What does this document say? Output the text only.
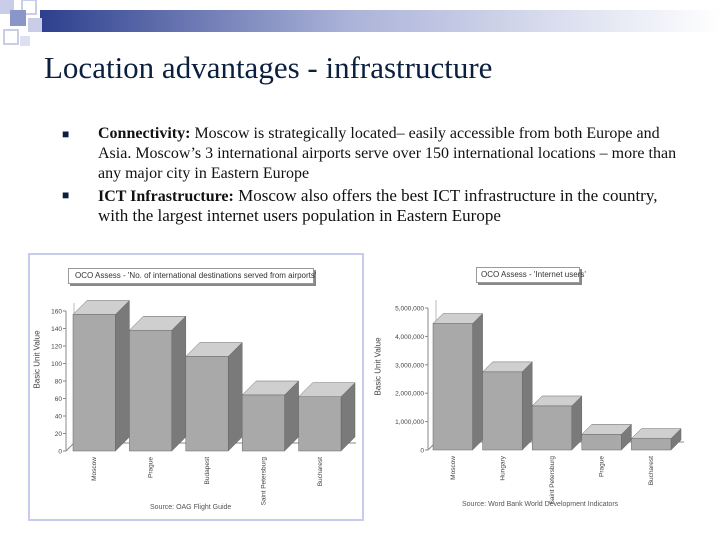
Location advantages - infrastructure
■ Connectivity: Moscow is strategically located– easily accessible from both Europe and Asia. Moscow’s 3 international airports serve over 150 international locations – more than any major city in Eastern Europe
■ ICT Infrastructure: Moscow also offers the best ICT infrastructure in the country, with the largest internet users population in Eastern Europe
0
20
40
60
80
100
120
140
160
Moscow	Prague	Budapest	Saint Petersburg	Bucharest
OCO Assess - 'No. of international destinations served from airports'
Basic Unit Value
Source: OAG Flight Guide
0
1,000,000
2,000,000
3,000,000
4,000,000
5,000,000
Moscow	Hungary	Saint Petersburg	Prague	Bucharest
OCO Assess - 'Internet users'
Basic Unit Value
Source: Word Bank World Development Indicators
